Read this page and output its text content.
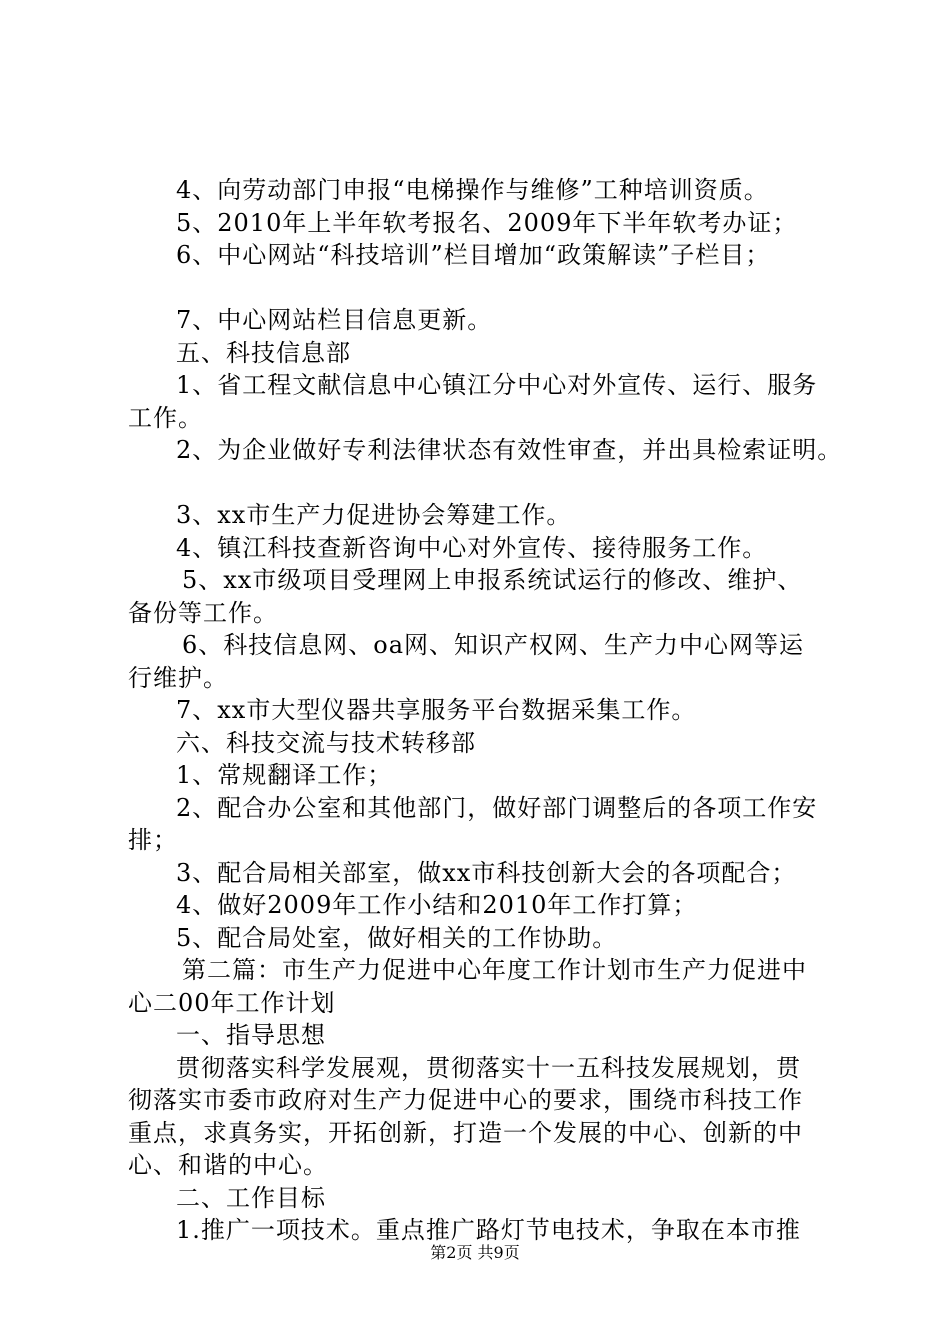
4、向劳动部门申报“电梯操作与维修”工种培训资质。
5、2010年上半年软考报名、2009年下半年软考办证；
6、中心网站“科技培训”栏目增加“政策解读”子栏目；
7、中心网站栏目信息更新。
五、科技信息部
1、省工程文献信息中心镇江分中心对外宣传、运行、服务
工作。
2、为企业做好专利法律状态有效性审查，并出具检索证明。
3、xx市生产力促进协会筹建工作。
4、镇江科技查新咨询中心对外宣传、接待服务工作。
5、xx市级项目受理网上申报系统试运行的修改、维护、
备份等工作。
6、科技信息网、oa网、知识产权网、生产力中心网等运
行维护。
7、xx市大型仪器共享服务平台数据采集工作。
六、科技交流与技术转移部
1、常规翻译工作；
2、配合办公室和其他部门，做好部门调整后的各项工作安
排；
3、配合局相关部室，做xx市科技创新大会的各项配合；
4、做好2009年工作小结和2010年工作打算；
5、配合局处室，做好相关的工作协助。
第二篇：市生产力促进中心年度工作计划市生产力促进中
心二00年工作计划
一、指导思想
贯彻落实科学发展观，贯彻落实十一五科技发展规划，贯
彻落实市委市政府对生产力促进中心的要求，围绕市科技工作
重点，求真务实，开拓创新，打造一个发展的中心、创新的中
心、和谐的中心。
二、工作目标
1.推广一项技术。重点推广路灯节电技术，争取在本市推
第2页 共9页
